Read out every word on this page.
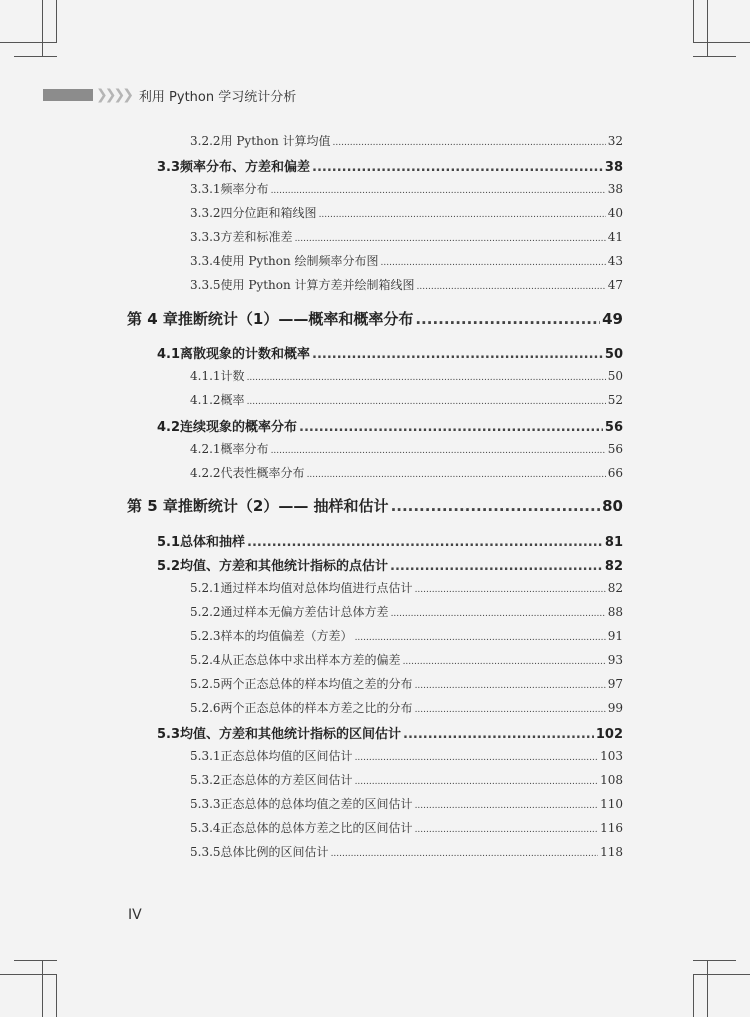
❯❯❯❯ 利用 Python 学习统计分析
3.2.2 用 Python 计算均值 .....	32
3.3 频率分布、方差和偏差 .....	38
3.3.1 频率分布 .....	38
3.3.2 四分位距和箱线图 .....	40
3.3.3 方差和标准差 .....	41
3.3.4 使用 Python 绘制频率分布图 .....	43
3.3.5 使用 Python 计算方差并绘制箱线图 .....	47
第 4 章 推断统计（1）——概率和概率分布 .....	49
4.1 离散现象的计数和概率 .....	50
4.1.1 计数 .....	50
4.1.2 概率 .....	52
4.2 连续现象的概率分布 .....	56
4.2.1 概率分布 .....	56
4.2.2 代表性概率分布 .....	66
第 5 章 推断统计（2）—— 抽样和估计 .....	80
5.1 总体和抽样 .....	81
5.2 均值、方差和其他统计指标的点估计 .....	82
5.2.1 通过样本均值对总体均值进行点估计 .....	82
5.2.2 通过样本无偏方差估计总体方差 .....	88
5.2.3 样本的均值偏差（方差） .....	91
5.2.4 从正态总体中求出样本方差的偏差 .....	93
5.2.5 两个正态总体的样本均值之差的分布 .....	97
5.2.6 两个正态总体的样本方差之比的分布 .....	99
5.3 均值、方差和其他统计指标的区间估计 .....	102
5.3.1 正态总体均值的区间估计 .....	103
5.3.2 正态总体的方差区间估计 .....	108
5.3.3 正态总体的总体均值之差的区间估计 .....	110
5.3.4 正态总体的总体方差之比的区间估计 .....	116
5.3.5 总体比例的区间估计 .....	118
IV
